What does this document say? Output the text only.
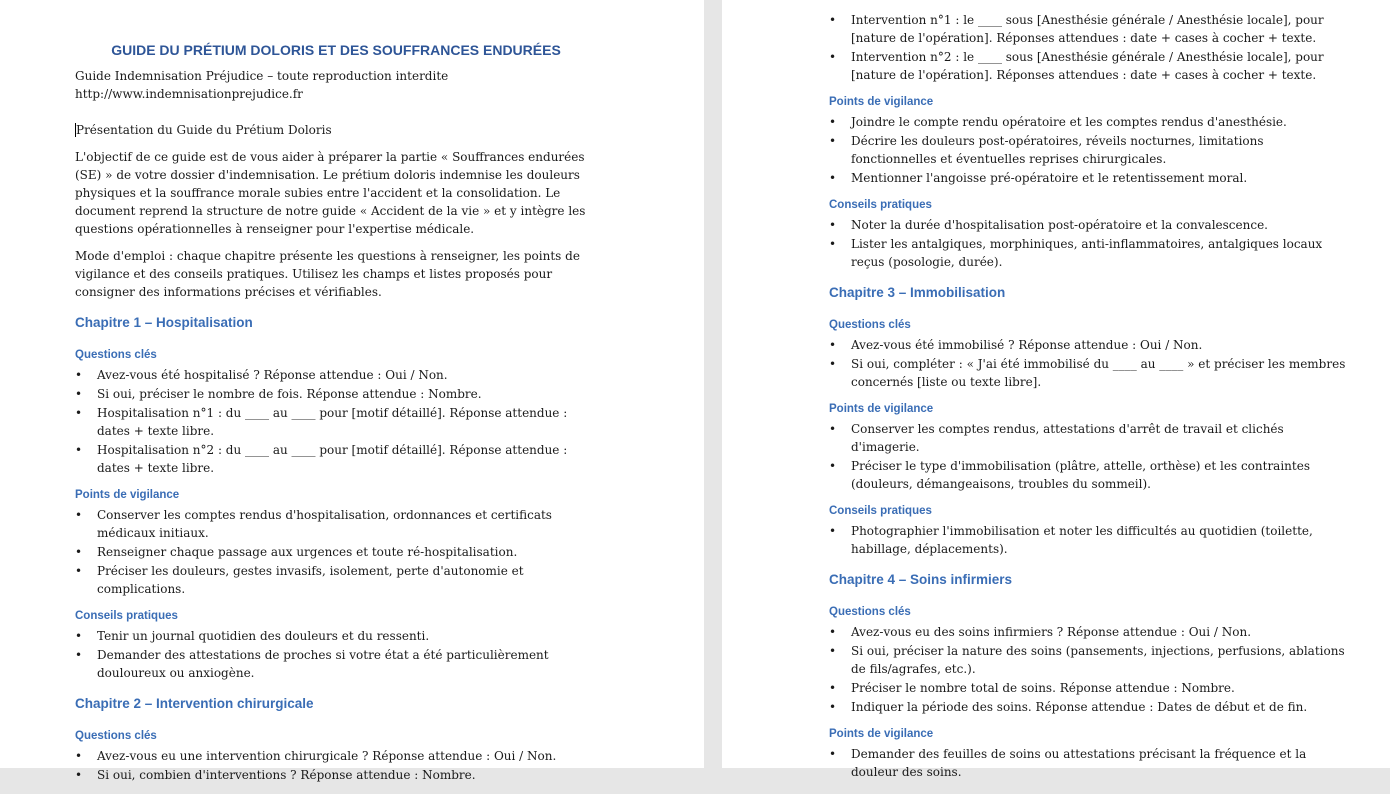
GUIDE DU PRÉTIUM DOLORIS ET DES SOUFFRANCES ENDURÉES

Guide Indemnisation Préjudice – toute reproduction interdite

http://www.indemnisationprejudice.fr

Présentation du Guide du Prétium Doloris

L'objectif de ce guide est de vous aider à préparer la partie « Souffrances endurées (SE) » de votre dossier d'indemnisation. Le prétium doloris indemnise les douleurs physiques et la souffrance morale subies entre l'accident et la consolidation. Le document reprend la structure de notre guide « Accident de la vie » et y intègre les questions opérationnelles à renseigner pour l'expertise médicale.

Mode d'emploi : chaque chapitre présente les questions à renseigner, les points de vigilance et des conseils pratiques. Utilisez les champs et listes proposés pour consigner des informations précises et vérifiables.

Chapitre 1 – Hospitalisation
Questions clés
• Avez-vous été hospitalisé ? Réponse attendue : Oui / Non.
• Si oui, préciser le nombre de fois. Réponse attendue : Nombre.
• Hospitalisation n°1 : du ____ au ____ pour [motif détaillé]. Réponse attendue : dates + texte libre.
• Hospitalisation n°2 : du ____ au ____ pour [motif détaillé]. Réponse attendue : dates + texte libre.
Points de vigilance
• Conserver les comptes rendus d'hospitalisation, ordonnances et certificats médicaux initiaux.
• Renseigner chaque passage aux urgences et toute ré-hospitalisation.
• Préciser les douleurs, gestes invasifs, isolement, perte d'autonomie et complications.
Conseils pratiques
• Tenir un journal quotidien des douleurs et du ressenti.
• Demander des attestations de proches si votre état a été particulièrement douloureux ou anxiogène.
Chapitre 2 – Intervention chirurgicale
Questions clés
• Avez-vous eu une intervention chirurgicale ? Réponse attendue : Oui / Non.
• Si oui, combien d'interventions ? Réponse attendue : Nombre.
• Intervention n°1 : le ____ sous [Anesthésie générale / Anesthésie locale], pour [nature de l'opération]. Réponses attendues : date + cases à cocher + texte.
• Intervention n°2 : le ____ sous [Anesthésie générale / Anesthésie locale], pour [nature de l'opération]. Réponses attendues : date + cases à cocher + texte.
Points de vigilance
• Joindre le compte rendu opératoire et les comptes rendus d'anesthésie.
• Décrire les douleurs post-opératoires, réveils nocturnes, limitations fonctionnelles et éventuelles reprises chirurgicales.
• Mentionner l'angoisse pré-opératoire et le retentissement moral.
Conseils pratiques
• Noter la durée d'hospitalisation post-opératoire et la convalescence.
• Lister les antalgiques, morphiniques, anti-inflammatoires, antalgiques locaux reçus (posologie, durée).
Chapitre 3 – Immobilisation
Questions clés
• Avez-vous été immobilisé ? Réponse attendue : Oui / Non.
• Si oui, compléter : « J'ai été immobilisé du ____ au ____ » et préciser les membres concernés [liste ou texte libre].
Points de vigilance
• Conserver les comptes rendus, attestations d'arrêt de travail et clichés d'imagerie.
• Préciser le type d'immobilisation (plâtre, attelle, orthèse) et les contraintes (douleurs, démangeaisons, troubles du sommeil).
Conseils pratiques
• Photographier l'immobilisation et noter les difficultés au quotidien (toilette, habillage, déplacements).
Chapitre 4 – Soins infirmiers
Questions clés
• Avez-vous eu des soins infirmiers ? Réponse attendue : Oui / Non.
• Si oui, préciser la nature des soins (pansements, injections, perfusions, ablations de fils/agrafes, etc.).
• Préciser le nombre total de soins. Réponse attendue : Nombre.
• Indiquer la période des soins. Réponse attendue : Dates de début et de fin.
Points de vigilance
• Demander des feuilles de soins ou attestations précisant la fréquence et la douleur des soins.
